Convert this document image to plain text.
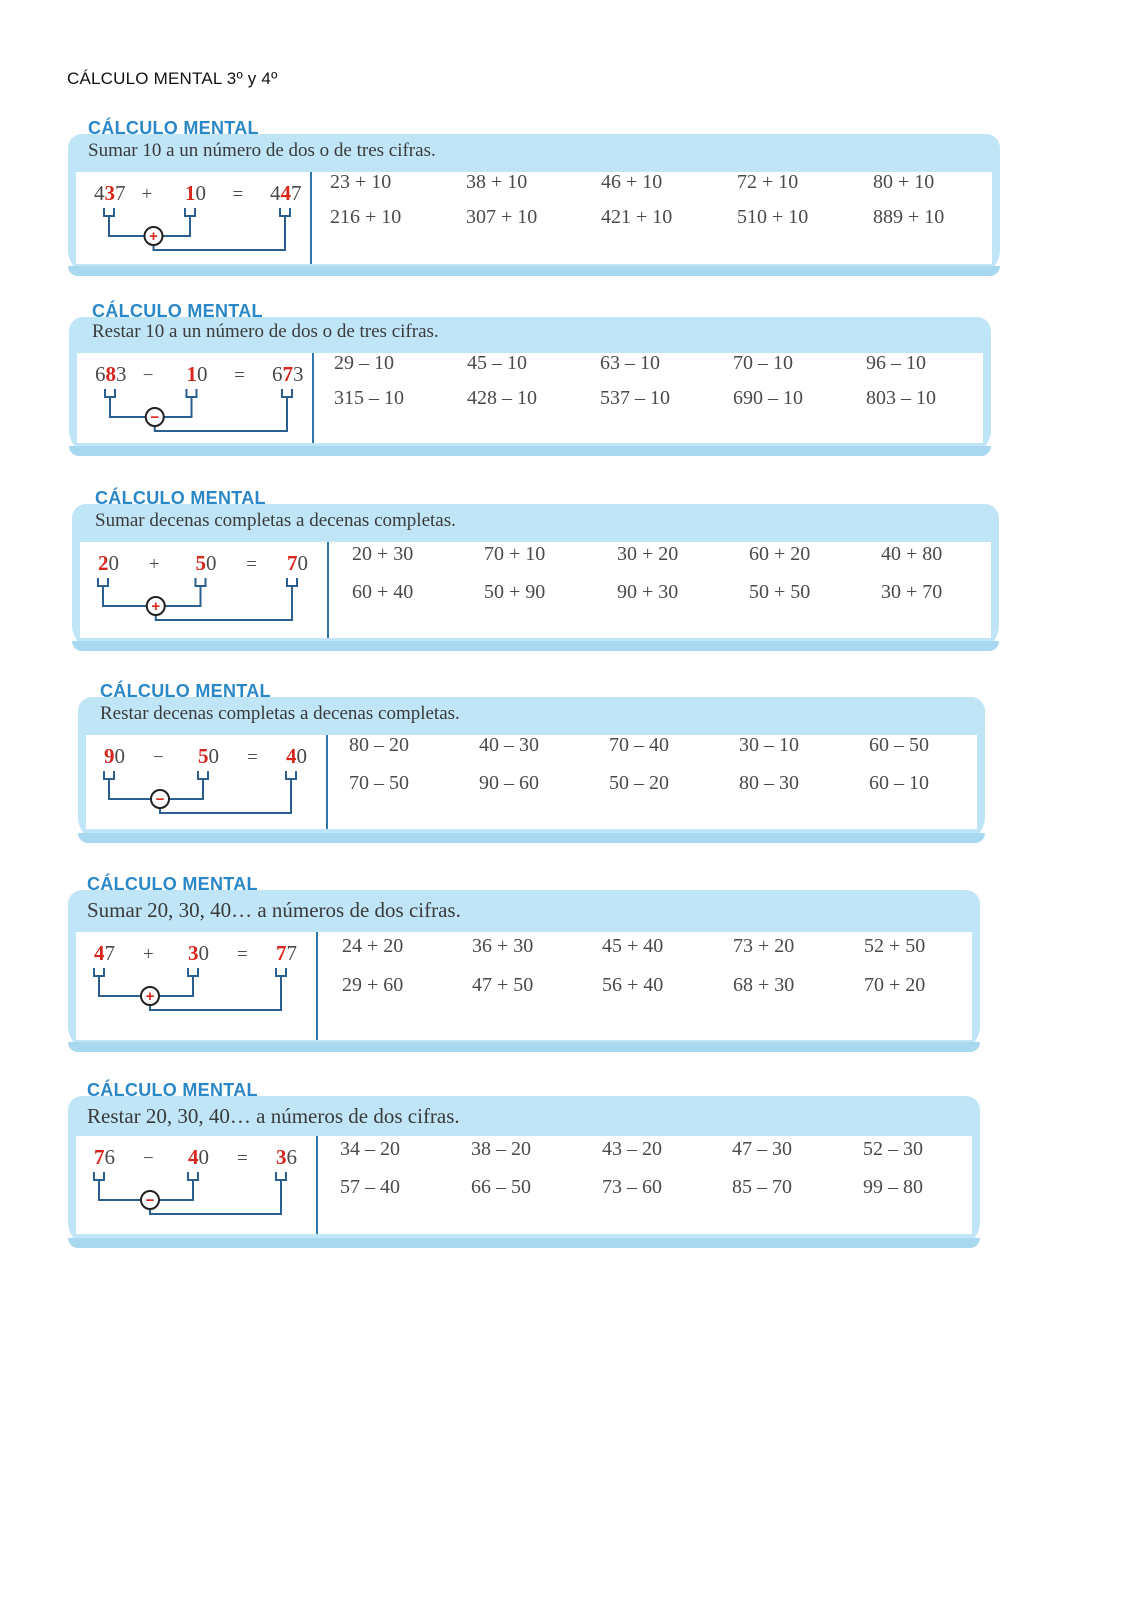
CÁLCULO MENTAL 3º y 4º
CÁLCULO MENTAL
Sumar 10 a un número de dos o de tres cifras.
437 + 10 = 447
+
23 + 10	38 + 10	46 + 10	72 + 10	80 + 10
216 + 10	307 + 10	421 + 10	510 + 10	889 + 10
CÁLCULO MENTAL
Restar 10 a un número de dos o de tres cifras.
683 − 10 = 673
−
29 – 10	45 – 10	63 – 10	70 – 10	96 – 10
315 – 10	428 – 10	537 – 10	690 – 10	803 – 10
CÁLCULO MENTAL
Sumar decenas completas a decenas completas.
20 + 50 = 70
+
20 + 30	70 + 10	30 + 20	60 + 20	40 + 80
60 + 40	50 + 90	90 + 30	50 + 50	30 + 70
CÁLCULO MENTAL
Restar decenas completas a decenas completas.
90 − 50 = 40
−
80 – 20	40 – 30	70 – 40	30 – 10	60 – 50
70 – 50	90 – 60	50 – 20	80 – 30	60 – 10
CÁLCULO MENTAL
Sumar 20, 30, 40… a números de dos cifras.
47 + 30 = 77
+
24 + 20	36 + 30	45 + 40	73 + 20	52 + 50
29 + 60	47 + 50	56 + 40	68 + 30	70 + 20
CÁLCULO MENTAL
Restar 20, 30, 40… a números de dos cifras.
76 − 40 = 36
−
34 – 20	38 – 20	43 – 20	47 – 30	52 – 30
57 – 40	66 – 50	73 – 60	85 – 70	99 – 80
